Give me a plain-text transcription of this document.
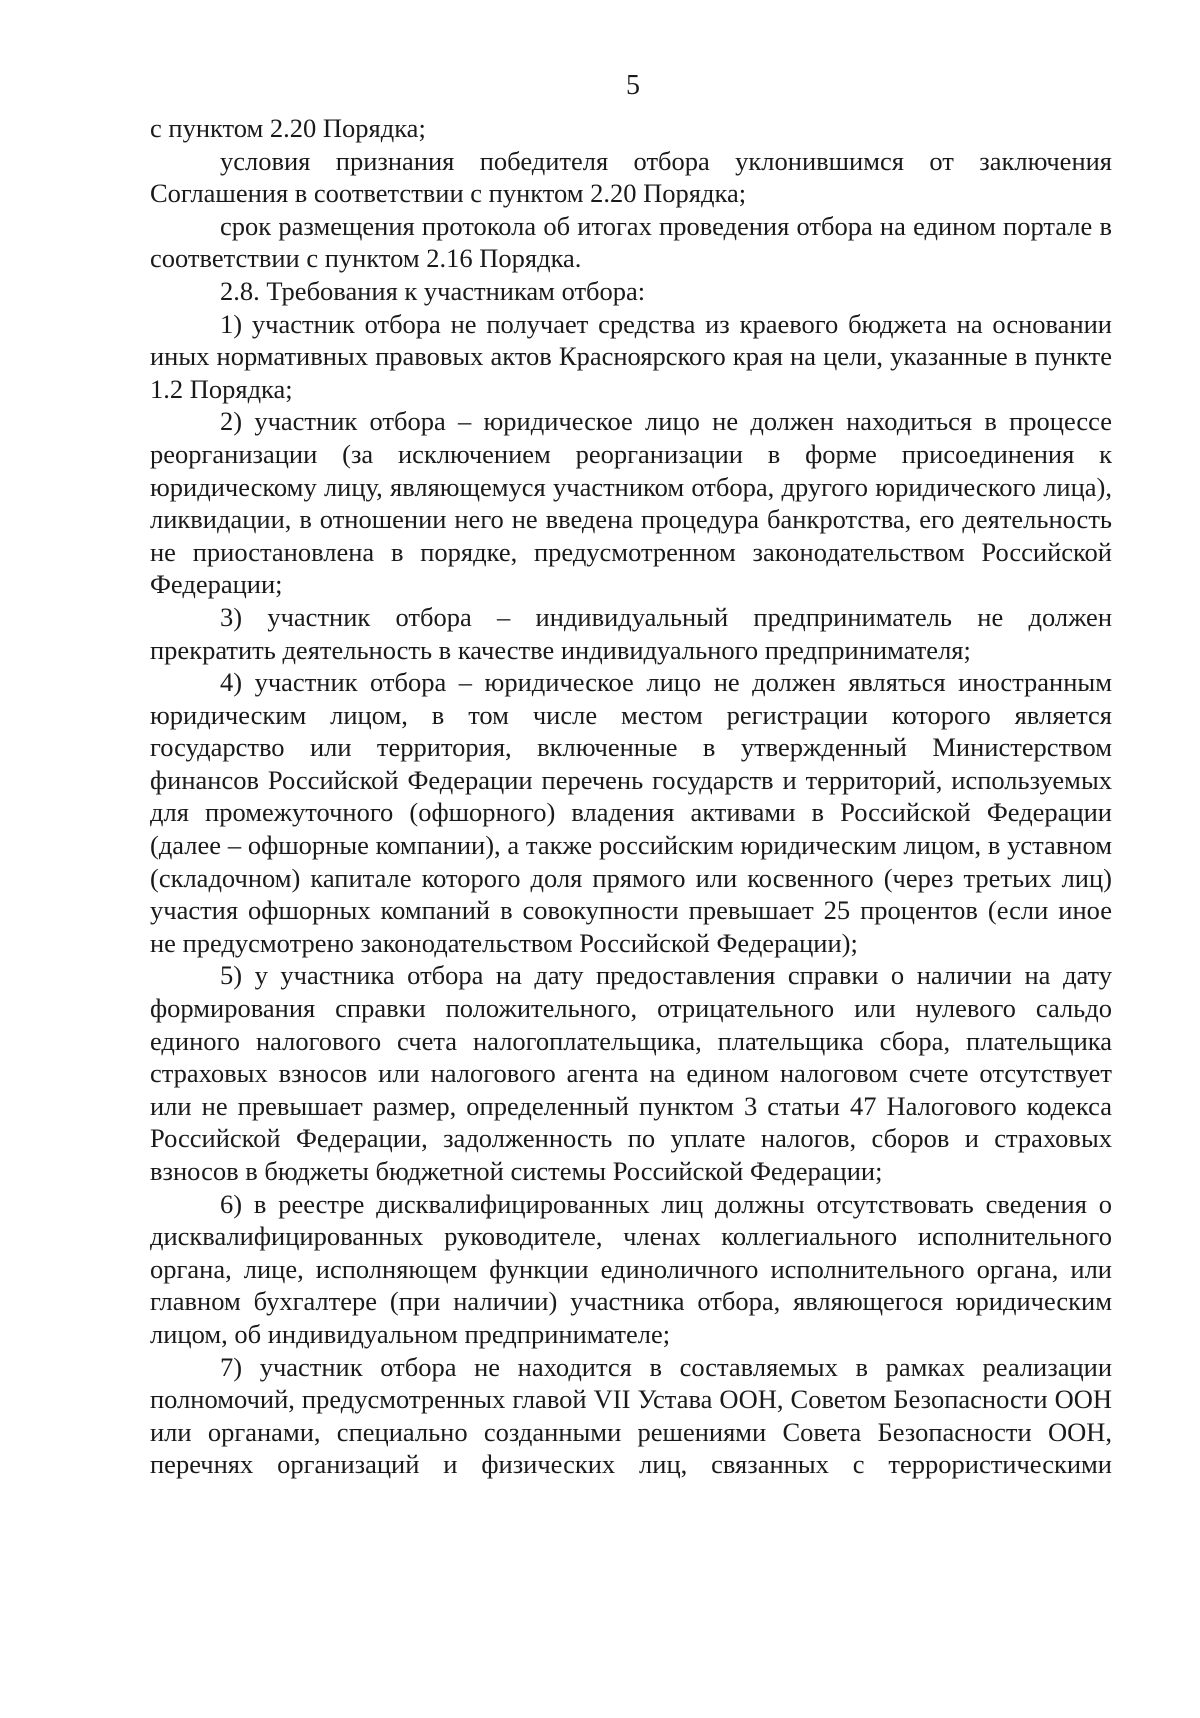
5

с пунктом 2.20 Порядка;

условия признания победителя отбора уклонившимся от заключения Соглашения в соответствии с пунктом 2.20 Порядка;

срок размещения протокола об итогах проведения отбора на едином портале в соответствии с пунктом 2.16 Порядка.

2.8. Требования к участникам отбора:

1) участник отбора не получает средства из краевого бюджета на основании иных нормативных правовых актов Красноярского края на цели, указанные в пункте 1.2 Порядка;

2) участник отбора – юридическое лицо не должен находиться в процессе реорганизации (за исключением реорганизации в форме присоединения к юридическому лицу, являющемуся участником отбора, другого юридического лица), ликвидации, в отношении него не введена процедура банкротства, его деятельность не приостановлена в порядке, предусмотренном законодательством Российской Федерации;

3) участник отбора – индивидуальный предприниматель не должен прекратить деятельность в качестве индивидуального предпринимателя;

4) участник отбора – юридическое лицо не должен являться иностранным юридическим лицом, в том числе местом регистрации которого является государство или территория, включенные в утвержденный Министерством финансов Российской Федерации перечень государств и территорий, используемых для промежуточного (офшорного) владения активами в Российской Федерации (далее – офшорные компании), а также российским юридическим лицом, в уставном (складочном) капитале которого доля прямого или косвенного (через третьих лиц) участия офшорных компаний в совокупности превышает 25 процентов (если иное не предусмотрено законодательством Российской Федерации);

5) у участника отбора на дату предоставления справки о наличии на дату формирования справки положительного, отрицательного или нулевого сальдо единого налогового счета налогоплательщика, плательщика сбора, плательщика страховых взносов или налогового агента на едином налоговом счете отсутствует или не превышает размер, определенный пунктом 3 статьи 47 Налогового кодекса Российской Федерации, задолженность по уплате налогов, сборов и страховых взносов в бюджеты бюджетной системы Российской Федерации;

6) в реестре дисквалифицированных лиц должны отсутствовать сведения о дисквалифицированных руководителе, членах коллегиального исполнительного органа, лице, исполняющем функции единоличного исполнительного органа, или главном бухгалтере (при наличии) участника отбора, являющегося юридическим лицом, об индивидуальном предпринимателе;

7) участник отбора не находится в составляемых в рамках реализации полномочий, предусмотренных главой VII Устава ООН, Советом Безопасности ООН или органами, специально созданными решениями Совета Безопасности ООН, перечнях организаций и физических лиц, связанных с террористическими
